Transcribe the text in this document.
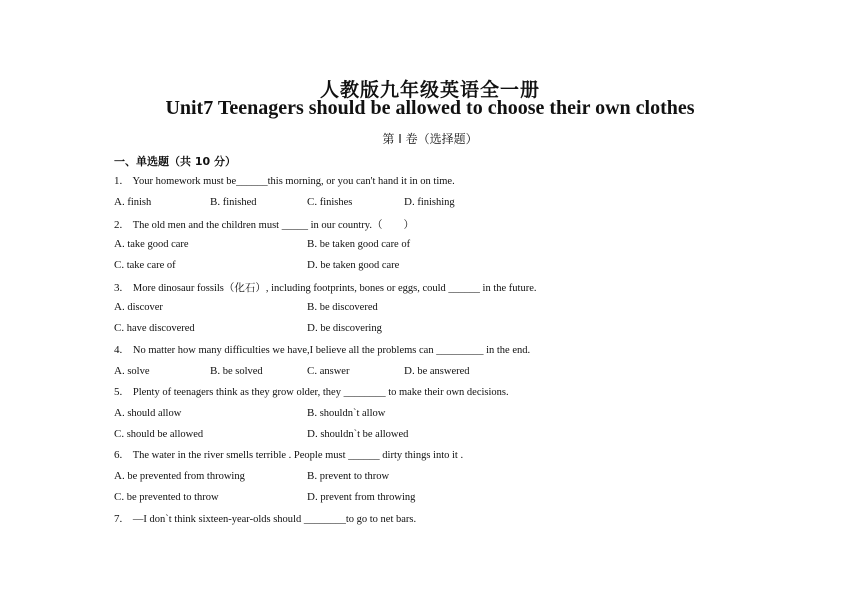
人教版九年级英语全一册
Unit7 Teenagers should be allowed to choose their own clothes
第 I 卷（选择题）
一、单选题（共 10 分）
1. Your homework must be______this morning, or you can't hand it in on time.
A. finish	B. finished	C. finishes	D. finishing
2. The old men and the children must _____ in our country.（　　）
A. take good care	B. be taken good care of
C. take care of	D. be taken good care
3. More dinosaur fossils（化石）, including footprints, bones or eggs, could ______ in the future.
A. discover	B. be discovered
C. have discovered	D. be discovering
4. No matter how many difficulties we have,I believe all the problems can _________ in the end.
A. solve	B. be solved	C. answer	D. be answered
5. Plenty of teenagers think as they grow older, they ________ to make their own decisions.
A. should allow	B. shouldn`t allow
C. should be allowed	D. shouldn`t be allowed
6. The water in the river smells terrible . People must ______ dirty things into it .
A. be prevented from throwing	B. prevent to throw
C. be prevented to throw	D. prevent from throwing
7. —I don`t think sixteen-year-olds should ________to go to net bars.
